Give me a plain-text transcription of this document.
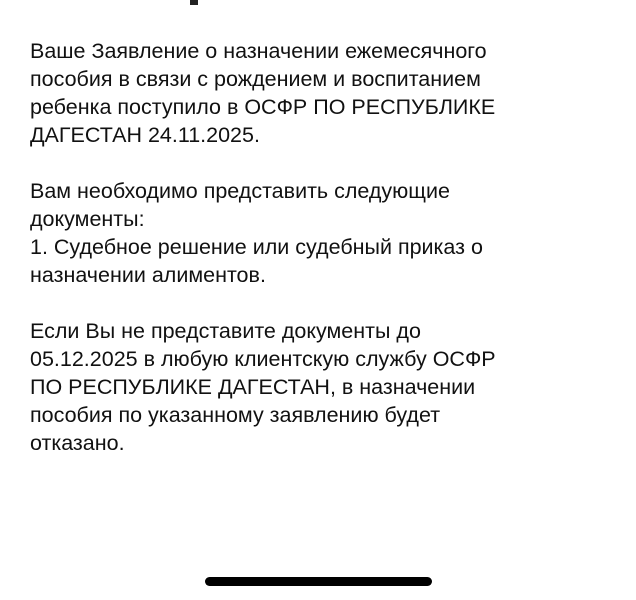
Ваше Заявление о назначении ежемесячного
пособия в связи с рождением и воспитанием
ребенка поступило в ОСФР ПО РЕСПУБЛИКЕ
ДАГЕСТАН 24.11.2025.

Вам необходимо представить следующие
документы:
1. Судебное решение или судебный приказ о
назначении алиментов.

Если Вы не представите документы до
05.12.2025 в любую клиентскую службу ОСФР
ПО РЕСПУБЛИКЕ ДАГЕСТАН, в назначении
пособия по указанному заявлению будет
отказано.
